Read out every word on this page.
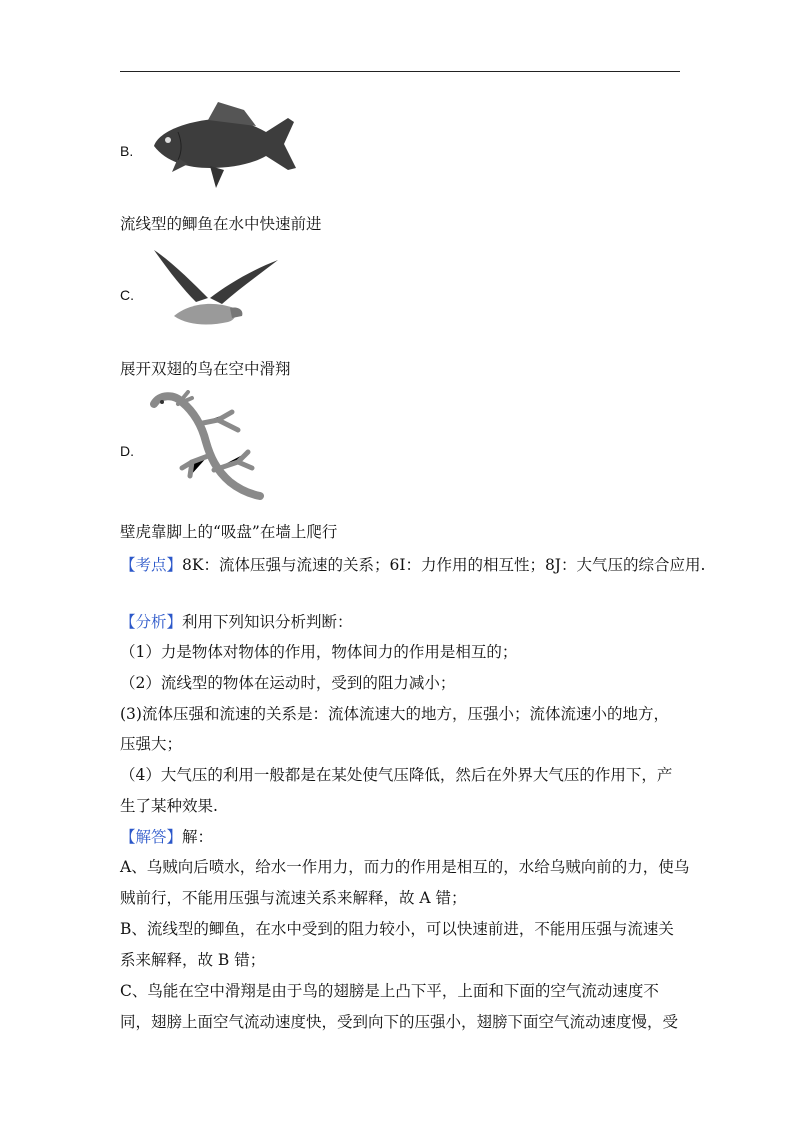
B.
流线型的鲫鱼在水中快速前进
C.
展开双翅的鸟在空中滑翔
D.
壁虎靠脚上的“吸盘”在墙上爬行
【考点】8K：流体压强与流速的关系；6I：力作用的相互性；8J：大气压的综合应用.
【分析】利用下列知识分析判断：
（1）力是物体对物体的作用，物体间力的作用是相互的；
（2）流线型的物体在运动时，受到的阻力减小；
(3)流体压强和流速的关系是：流体流速大的地方，压强小；流体流速小的地方，
压强大；
（4）大气压的利用一般都是在某处使气压降低，然后在外界大气压的作用下，产
生了某种效果.
【解答】解：
A、乌贼向后喷水，给水一作用力，而力的作用是相互的，水给乌贼向前的力，使乌
贼前行，不能用压强与流速关系来解释，故 A 错；
B、流线型的鲫鱼，在水中受到的阻力较小，可以快速前进，不能用压强与流速关
系来解释，故 B 错；
C、鸟能在空中滑翔是由于鸟的翅膀是上凸下平，上面和下面的空气流动速度不
同，翅膀上面空气流动速度快，受到向下的压强小，翅膀下面空气流动速度慢，受
